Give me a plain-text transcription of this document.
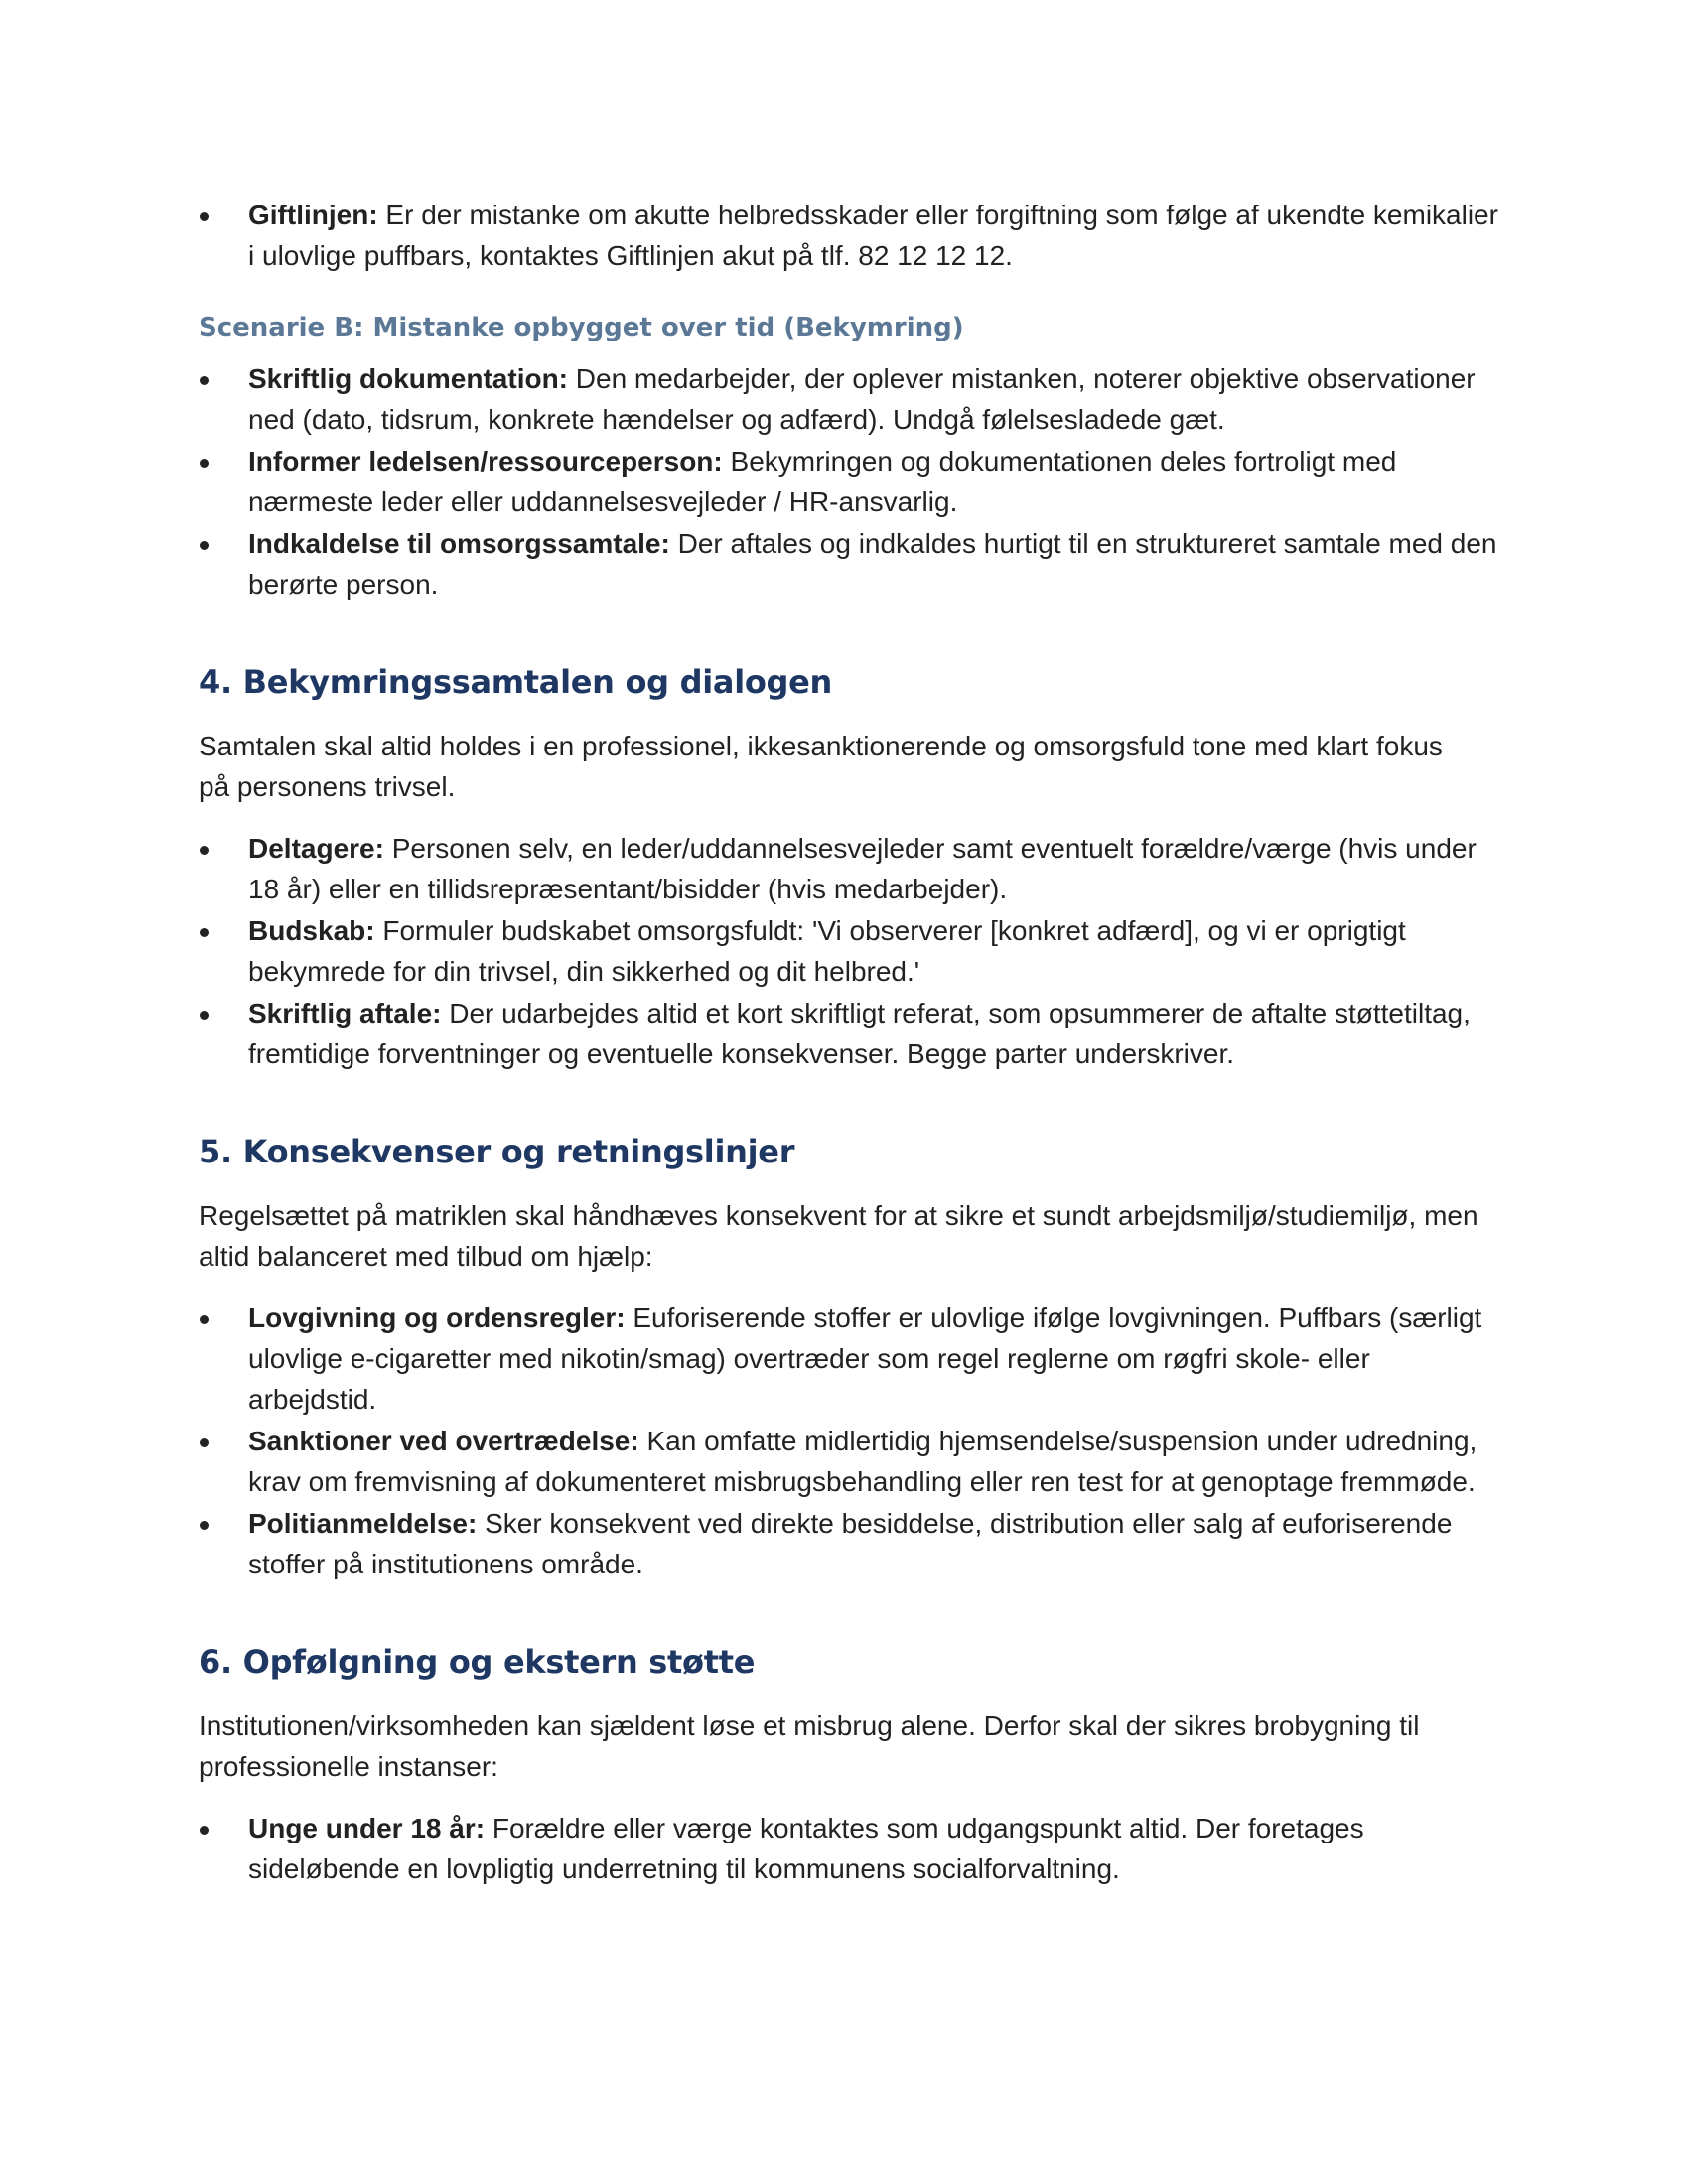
Giftlinjen: Er der mistanke om akutte helbredsskader eller forgiftning som følge af ukendte kemikalier i ulovlige puffbars, kontaktes Giftlinjen akut på tlf. 82 12 12 12.
Scenarie B: Mistanke opbygget over tid (Bekymring)
Skriftlig dokumentation: Den medarbejder, der oplever mistanken, noterer objektive observationer ned (dato, tidsrum, konkrete hændelser og adfærd). Undgå følelsesladede gæt.
Informer ledelsen/ressourceperson: Bekymringen og dokumentationen deles fortroligt med nærmeste leder eller uddannelsesvejleder / HR-ansvarlig.
Indkaldelse til omsorgssamtale: Der aftales og indkaldes hurtigt til en struktureret samtale med den berørte person.
4. Bekymringssamtalen og dialogen
Samtalen skal altid holdes i en professionel, ikkesanktionerende og omsorgsfuld tone med klart fokus på personens trivsel.
Deltagere: Personen selv, en leder/uddannelsesvejleder samt eventuelt forældre/værge (hvis under 18 år) eller en tillidsrepræsentant/bisidder (hvis medarbejder).
Budskab: Formuler budskabet omsorgsfuldt: 'Vi observerer [konkret adfærd], og vi er oprigtigt bekymrede for din trivsel, din sikkerhed og dit helbred.'
Skriftlig aftale: Der udarbejdes altid et kort skriftligt referat, som opsummerer de aftalte støttetiltag, fremtidige forventninger og eventuelle konsekvenser. Begge parter underskriver.
5. Konsekvenser og retningslinjer
Regelsættet på matriklen skal håndhæves konsekvent for at sikre et sundt arbejdsmiljø/studiemiljø, men altid balanceret med tilbud om hjælp:
Lovgivning og ordensregler: Euforiserende stoffer er ulovlige ifølge lovgivningen. Puffbars (særligt ulovlige e-cigaretter med nikotin/smag) overtræder som regel reglerne om røgfri skole- eller arbejdstid.
Sanktioner ved overtrædelse: Kan omfatte midlertidig hjemsendelse/suspension under udredning, krav om fremvisning af dokumenteret misbrugsbehandling eller ren test for at genoptage fremmøde.
Politianmeldelse: Sker konsekvent ved direkte besiddelse, distribution eller salg af euforiserende stoffer på institutionens område.
6. Opfølgning og ekstern støtte
Institutionen/virksomheden kan sjældent løse et misbrug alene. Derfor skal der sikres brobygning til professionelle instanser:
Unge under 18 år: Forældre eller værge kontaktes som udgangspunkt altid. Der foretages sideløbende en lovpligtig underretning til kommunens socialforvaltning.
